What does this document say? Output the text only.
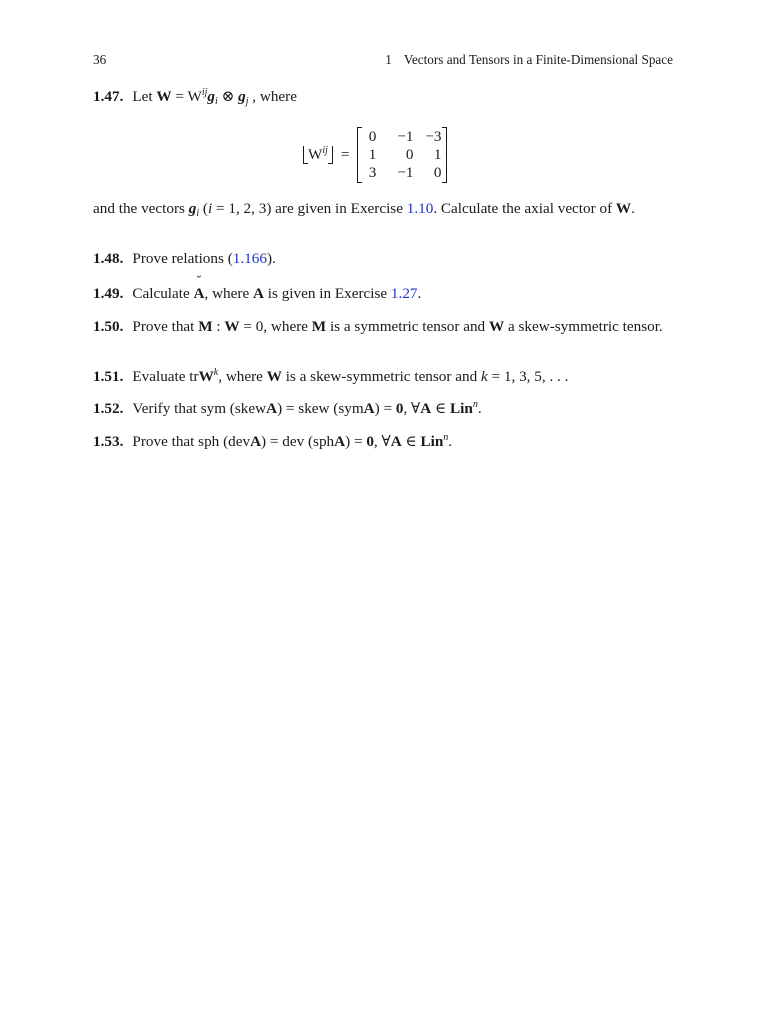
36	1 Vectors and Tensors in a Finite-Dimensional Space
1.47. Let $W = W^{ij}g_i$ ⊗ $g_j$ , where
$W^{ij}$ =
0	−1	−3
1	0	1
3	−1	0
and the vectors $g_i$ (i = 1, 2, 3) are given in Exercise 1.10. Calculate the axial vector of W.
1.48. Prove relations (1.166).
1.49. Calculate
˘
A, where A is given in Exercise 1.27.
1.50. Prove that M : W = 0, where M is a symmetric tensor and W a skew-symmetric tensor.
1.51. Evaluate trW$^k$, where W is a skew-symmetric tensor and k = 1, 3, 5, . . .
1.52. Verify that sym (skewA) = skew (symA) = 0, ∀A ∈ Lin$^n$.
1.53. Prove that sph (devA) = dev (sphA) = 0, ∀A ∈ Lin$^n$.
